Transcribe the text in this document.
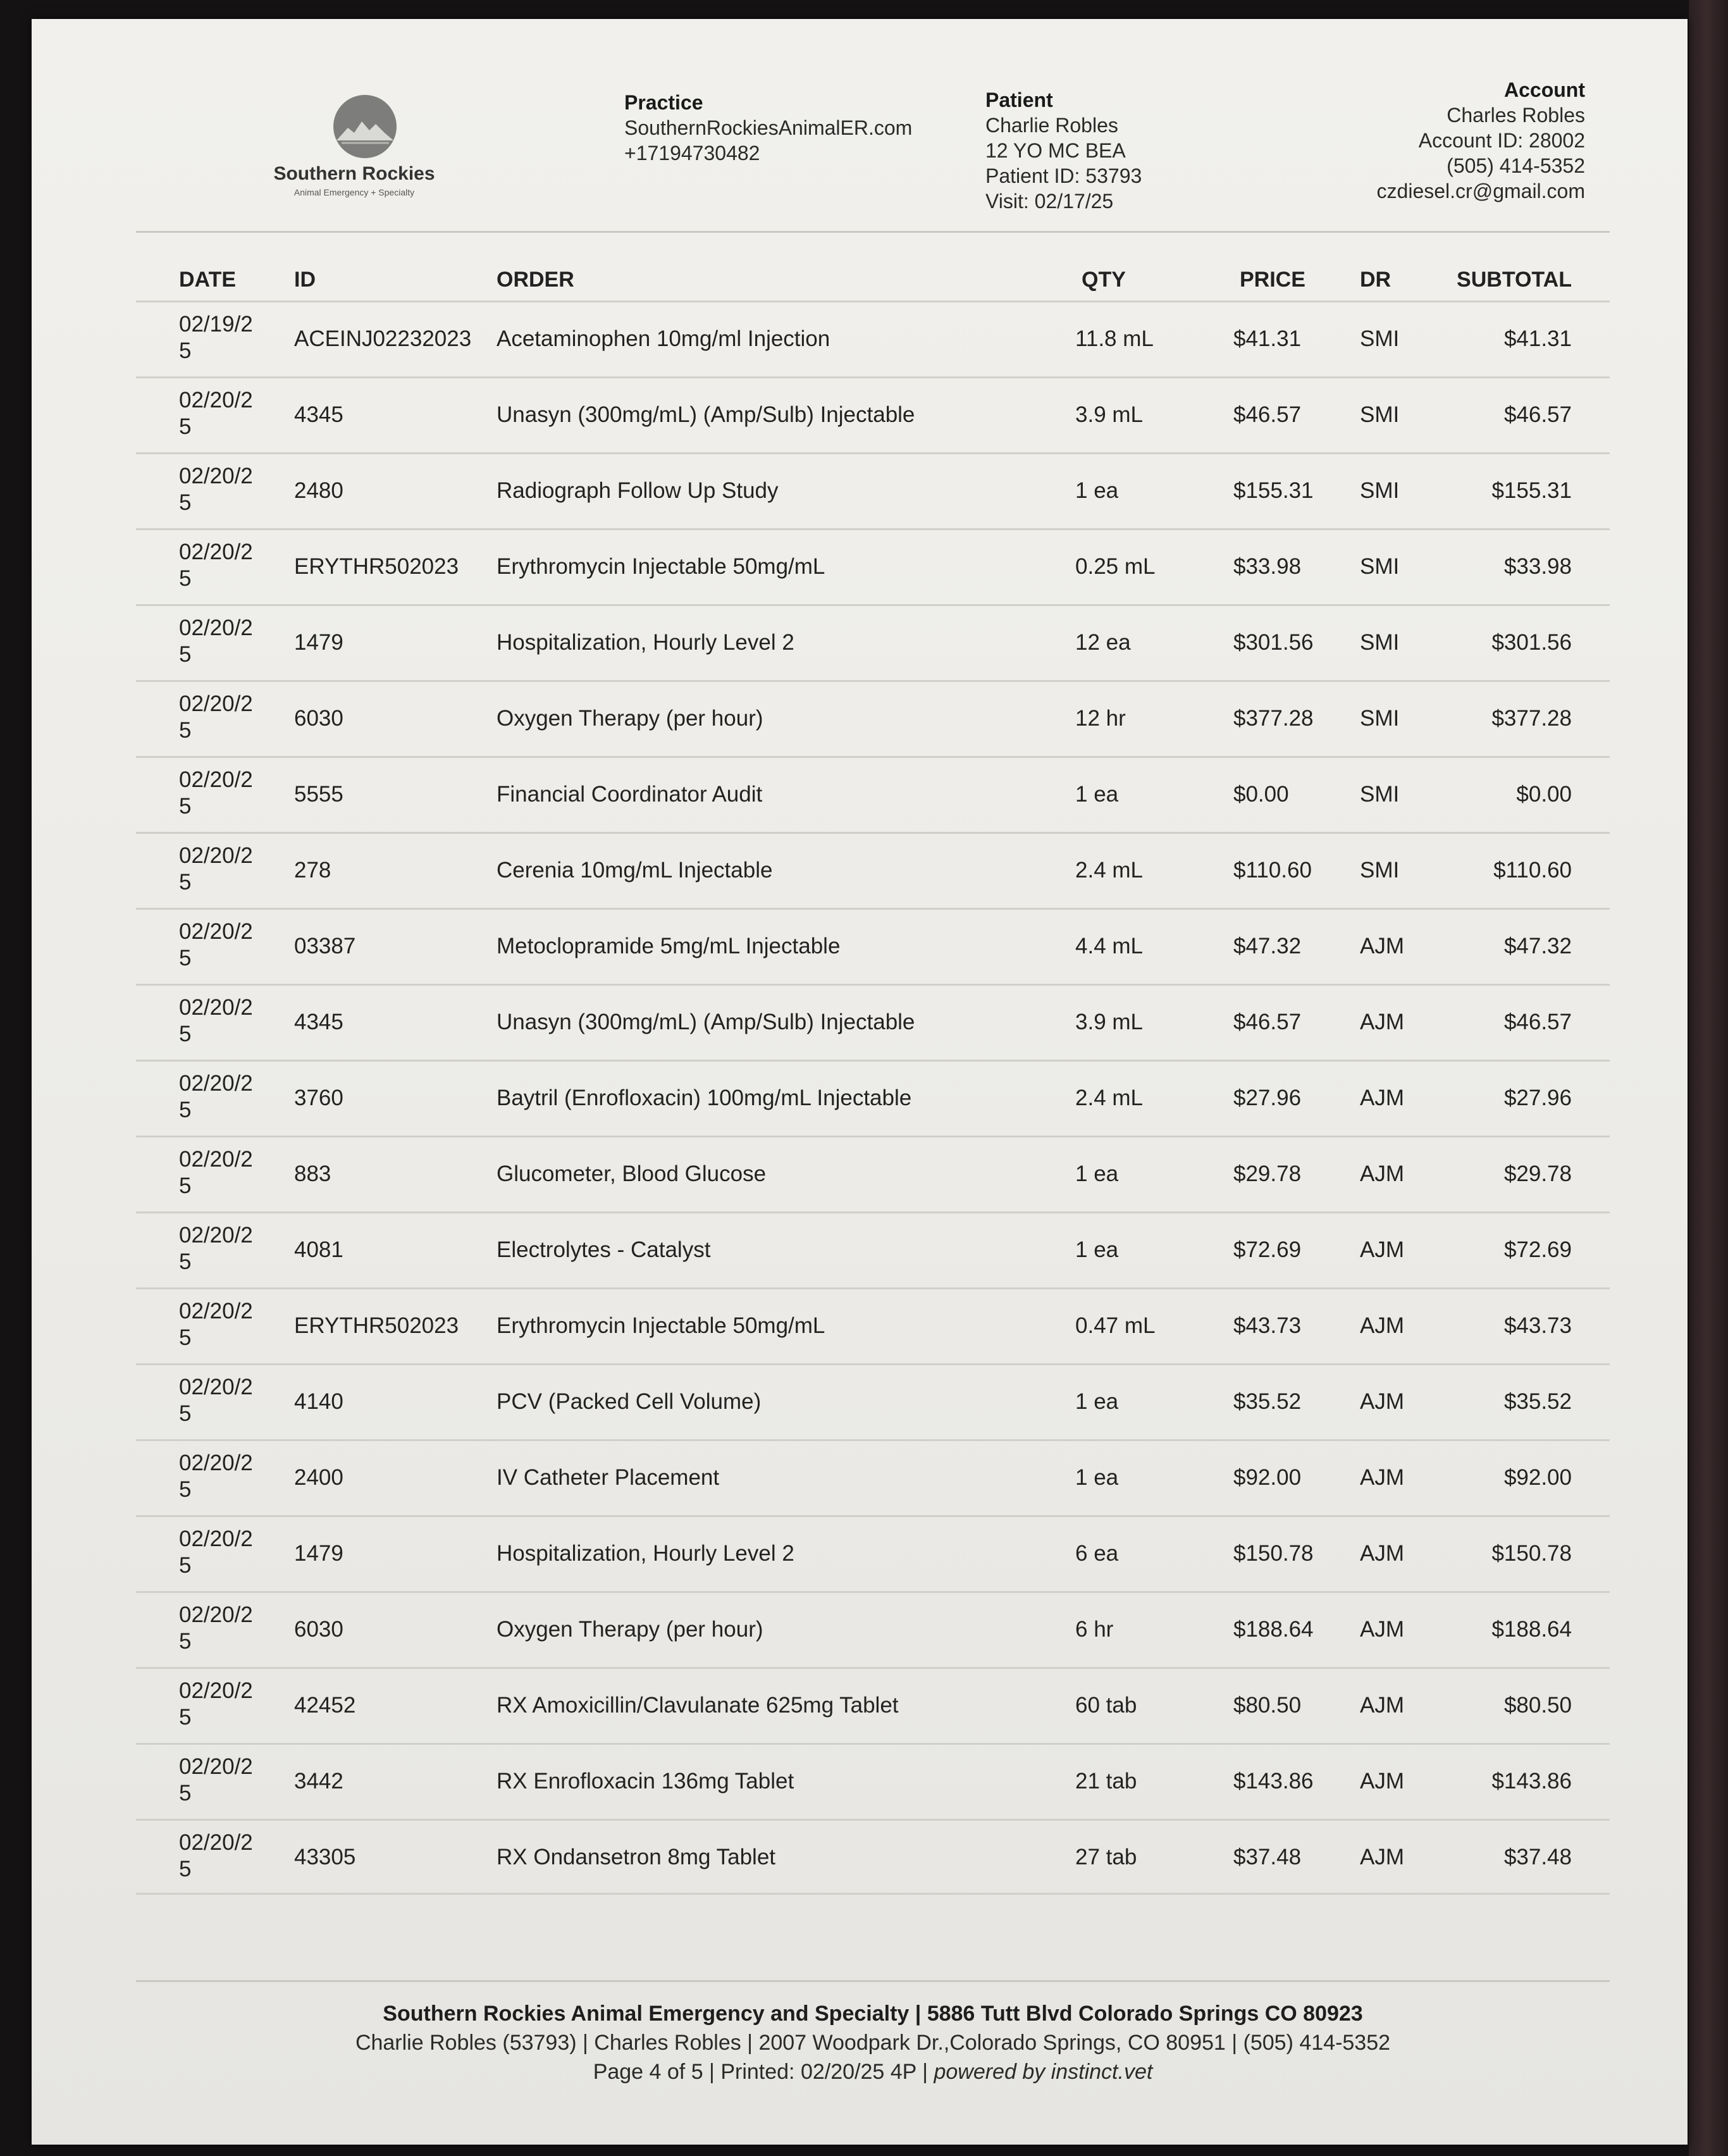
Southern Rockies
Animal Emergency + Specialty
Practice
SouthernRockiesAnimalER.com
+17194730482
Patient
Charlie Robles
12 YO MC BEA
Patient ID: 53793
Visit: 02/17/25
Account
Charles Robles
Account ID: 28002
(505) 414-5352
czdiesel.cr@gmail.com
DATE	ID	ORDER	QTY	PRICE	DR	SUBTOTAL
02/19/25	ACEINJ02232023 Acetaminophen 10mg/ml Injection	11.8 mL	$41.31	SMI	$41.31
02/20/25	4345	Unasyn (300mg/mL) (Amp/Sulb) Injectable	3.9 mL	$46.57	SMI	$46.57
02/20/25	2480	Radiograph Follow Up Study	1 ea	$155.31 SMI	$155.31
02/20/25	ERYTHR502023 Erythromycin Injectable 50mg/mL	0.25 mL	$33.98	SMI	$33.98
02/20/25	1479	Hospitalization, Hourly Level 2	12 ea	$301.56 SMI	$301.56
02/20/25	6030	Oxygen Therapy (per hour)	12 hr	$377.28 SMI	$377.28
02/20/25	5555	Financial Coordinator Audit	1 ea	$0.00	SMI	$0.00
02/20/25	278	Cerenia 10mg/mL Injectable	2.4 mL	$110.60 SMI	$110.60
02/20/25	03387	Metoclopramide 5mg/mL Injectable	4.4 mL	$47.32	AJM	$47.32
02/20/25	4345	Unasyn (300mg/mL) (Amp/Sulb) Injectable	3.9 mL	$46.57	AJM	$46.57
02/20/25	3760	Baytril (Enrofloxacin) 100mg/mL Injectable	2.4 mL	$27.96	AJM	$27.96
02/20/25	883	Glucometer, Blood Glucose	1 ea	$29.78	AJM	$29.78
02/20/25	4081	Electrolytes - Catalyst	1 ea	$72.69	AJM	$72.69
02/20/25	ERYTHR502023 Erythromycin Injectable 50mg/mL	0.47 mL	$43.73	AJM	$43.73
02/20/25	4140	PCV (Packed Cell Volume)	1 ea	$35.52	AJM	$35.52
02/20/25	2400	IV Catheter Placement	1 ea	$92.00	AJM	$92.00
02/20/25	1479	Hospitalization, Hourly Level 2	6 ea	$150.78 AJM	$150.78
02/20/25	6030	Oxygen Therapy (per hour)	6 hr	$188.64 AJM	$188.64
02/20/25	42452	RX Amoxicillin/Clavulanate 625mg Tablet	60 tab	$80.50	AJM	$80.50
02/20/25	3442	RX Enrofloxacin 136mg Tablet	21 tab	$143.86 AJM	$143.86
02/20/25	43305	RX Ondansetron 8mg Tablet	27 tab	$37.48	AJM	$37.48
Southern Rockies Animal Emergency and Specialty | 5886 Tutt Blvd Colorado Springs CO 80923
Charlie Robles (53793) | Charles Robles | 2007 Woodpark Dr.,Colorado Springs, CO 80951 | (505) 414-5352
Page 4 of 5 | Printed: 02/20/25 4P | powered by instinct.vet
